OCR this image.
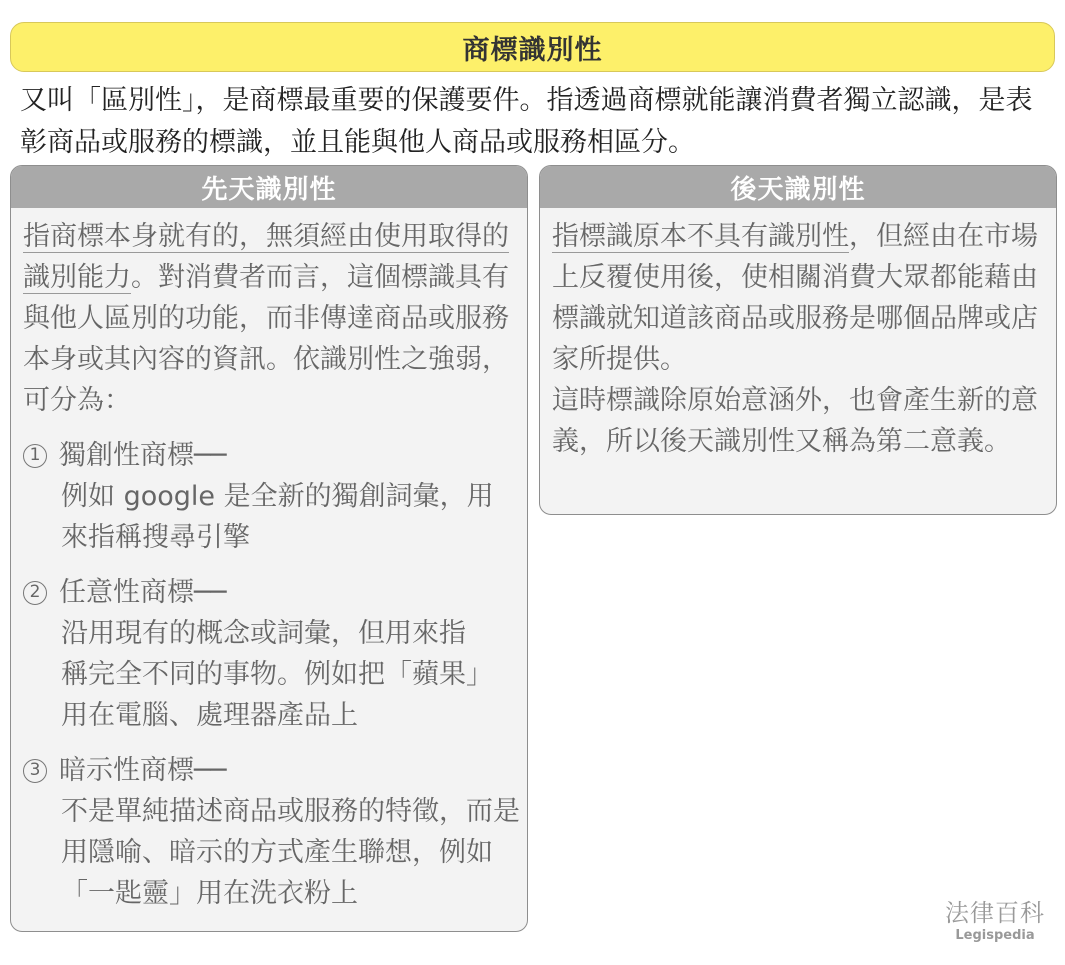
商標識別性

又叫「區別性」，是商標最重要的保護要件。指透過商標就能讓消費者獨立認識，是表彰商品或服務的標識，並且能與他人商品或服務相區分。

先天識別性

指商標本身就有的，無須經由使用取得的識別能力。對消費者而言，這個標識具有與他人區別的功能，而非傳達商品或服務本身或其內容的資訊。依識別性之強弱，可分為：

1 獨創性商標──
例如 google 是全新的獨創詞彙，用來指稱搜尋引擎
2 任意性商標──
沿用現有的概念或詞彙，但用來指稱完全不同的事物。例如把「蘋果」用在電腦、處理器產品上
3 暗示性商標──
不是單純描述商品或服務的特徵，而是用隱喻、暗示的方式產生聯想，例如「一匙靈」用在洗衣粉上
後天識別性

指標識原本不具有識別性，但經由在市場上反覆使用後，使相關消費大眾都能藉由標識就知道該商品或服務是哪個品牌或店家所提供。

這時標識除原始意涵外，也會產生新的意義，所以後天識別性又稱為第二意義。

法律百科
Legispedia
